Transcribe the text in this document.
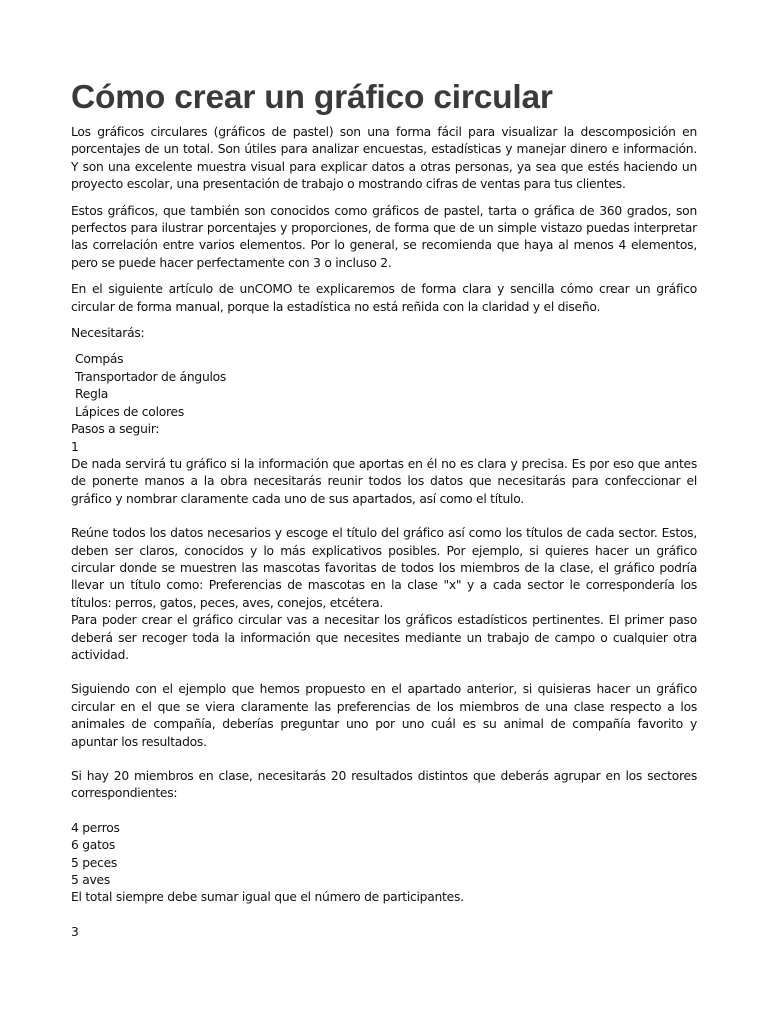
Cómo crear un gráfico circular

Los gráficos circulares (gráficos de pastel) son una forma fácil para visualizar la descomposición en porcentajes de un total. Son útiles para analizar encuestas, estadísticas y manejar dinero e información. Y son una excelente muestra visual para explicar datos a otras personas, ya sea que estés haciendo un proyecto escolar, una presentación de trabajo o mostrando cifras de ventas para tus clientes.

Estos gráficos, que también son conocidos como gráficos de pastel, tarta o gráfica de 360 grados, son perfectos para ilustrar porcentajes y proporciones, de forma que de un simple vistazo puedas interpretar las correlación entre varios elementos. Por lo general, se recomienda que haya al menos 4 elementos, pero se puede hacer perfectamente con 3 o incluso 2.

En el siguiente artículo de unCOMO te explicaremos de forma clara y sencilla cómo crear un gráfico circular de forma manual, porque la estadística no está reñida con la claridad y el diseño.

Necesitarás:

Compás

Transportador de ángulos

Regla

Lápices de colores

Pasos a seguir:

1

De nada servirá tu gráfico si la información que aportas en él no es clara y precisa. Es por eso que antes de ponerte manos a la obra necesitarás reunir todos los datos que necesitarás para confeccionar el gráfico y nombrar claramente cada uno de sus apartados, así como el título.

Reúne todos los datos necesarios y escoge el título del gráfico así como los títulos de cada sector. Estos, deben ser claros, conocidos y lo más explicativos posibles. Por ejemplo, si quieres hacer un gráfico circular donde se muestren las mascotas favoritas de todos los miembros de la clase, el gráfico podría llevar un título como: Preferencias de mascotas en la clase "x" y a cada sector le correspondería los títulos: perros, gatos, peces, aves, conejos, etcétera.

Para poder crear el gráfico circular vas a necesitar los gráficos estadísticos pertinentes. El primer paso deberá ser recoger toda la información que necesites mediante un trabajo de campo o cualquier otra actividad.

Siguiendo con el ejemplo que hemos propuesto en el apartado anterior, si quisieras hacer un gráfico circular en el que se viera claramente las preferencias de los miembros de una clase respecto a los animales de compañía, deberías preguntar uno por uno cuál es su animal de compañía favorito y apuntar los resultados.

Si hay 20 miembros en clase, necesitarás 20 resultados distintos que deberás agrupar en los sectores correspondientes:

4 perros

6 gatos

5 peces

5 aves

El total siempre debe sumar igual que el número de participantes.

3
